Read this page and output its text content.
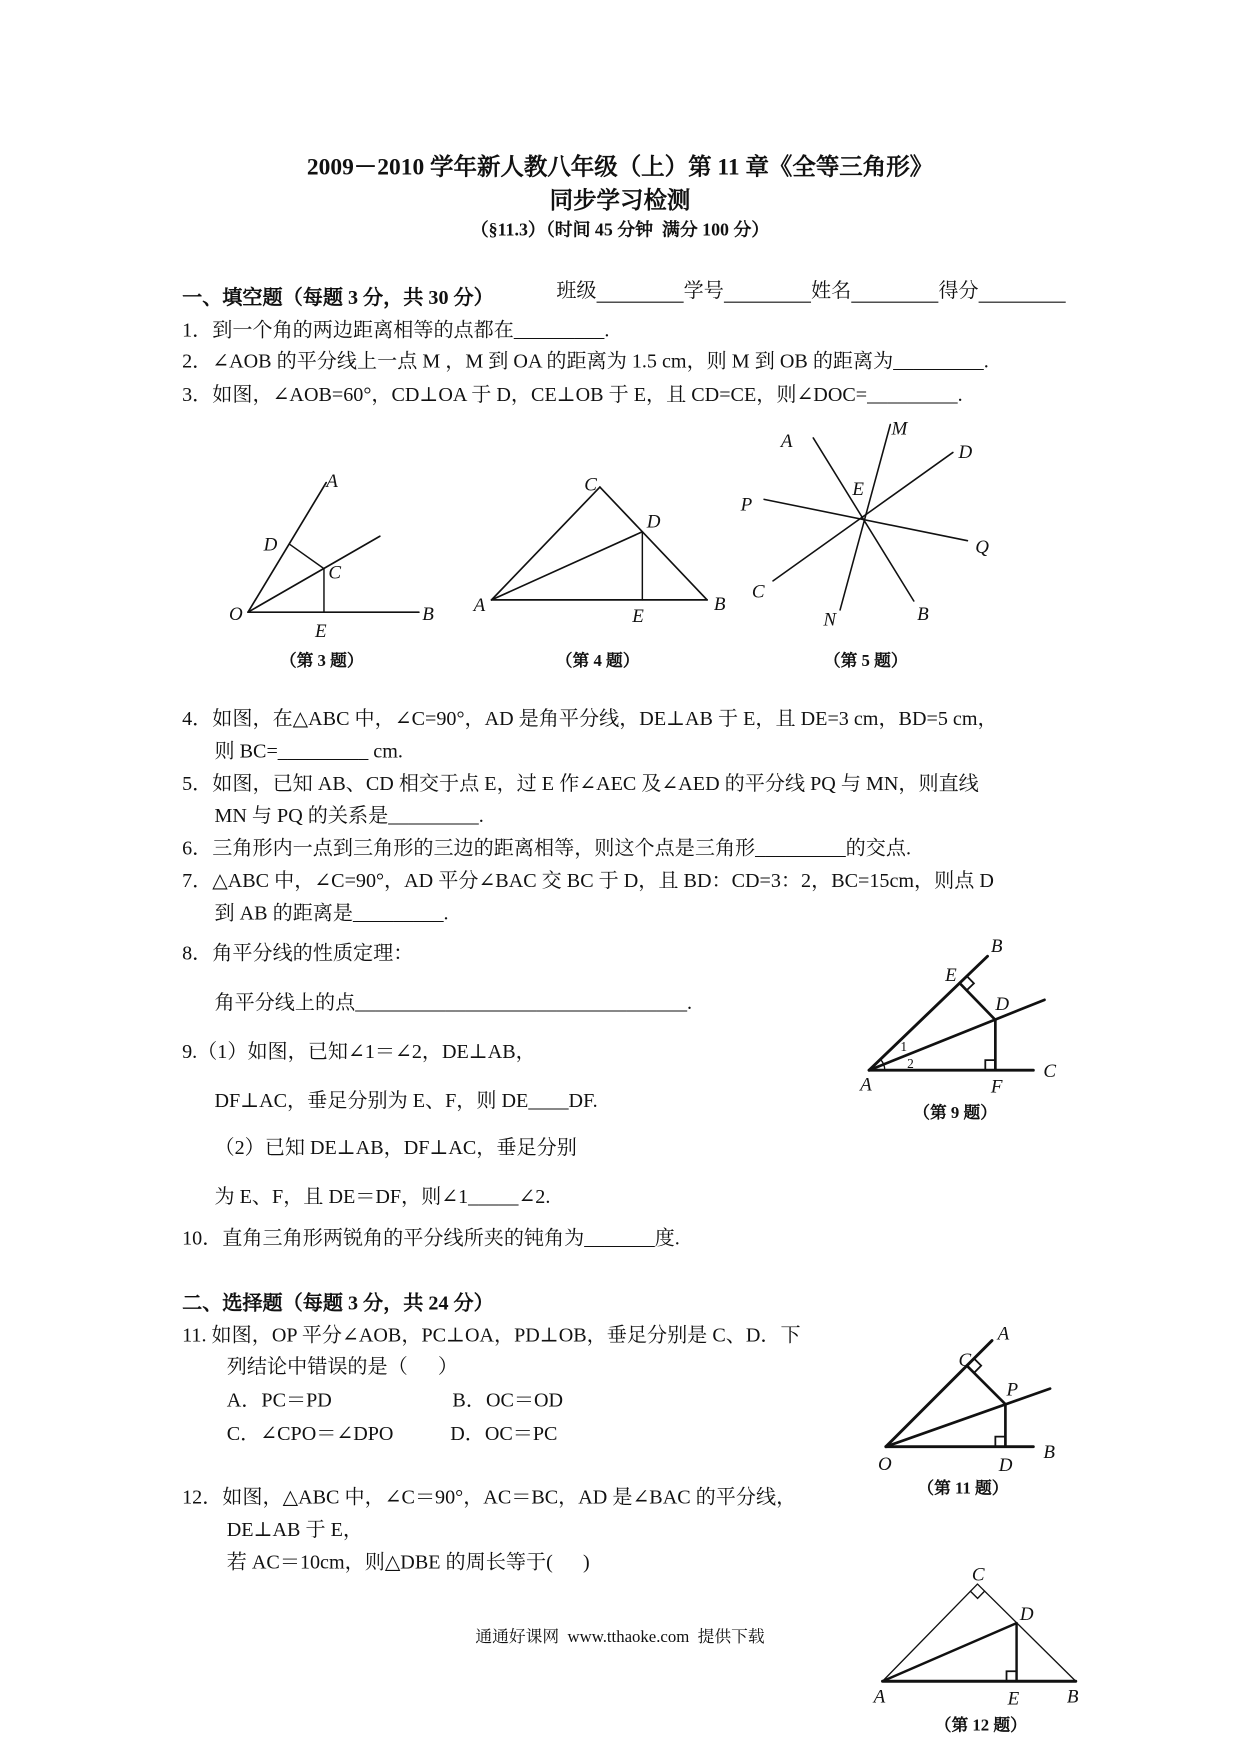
2009－2010 学年新人教八年级（上）第 11 章《全等三角形》
同步学习检测
（§11.3）（时间 45 分钟  满分 100 分）

班级	学号	姓名	得分

一、填空题（每题 3 分，共 30 分）
1．到一个角的两边距离相等的点都在_________.
2．∠AOB 的平分线上一点 M ，M 到 OA 的距离为 1.5 cm，则 M 到 OB 的距离为_________.
3．如图，∠AOB=60°，CD⊥OA 于 D，CE⊥OB 于 E，且 CD=CE，则∠DOC=_________.
A
D
C
O
E
B
（第 3 题）
C
D
A
E
B
（第 4 题）
A
M
D
E
P
Q
C
N	B
（第 5 题）
4．如图，在△ABC 中，∠C=90°，AD 是角平分线，DE⊥AB 于 E，且 DE=3 cm，BD=5 cm，
则 BC=_________ cm.
5．如图，已知 AB、CD 相交于点 E，过 E 作∠AEC 及∠AED 的平分线 PQ 与 MN，则直线
MN 与 PQ 的关系是_________.
6．三角形内一点到三角形的三边的距离相等，则这个点是三角形_________的交点.
7．△ABC 中，∠C=90°，AD 平分∠BAC 交 BC 于 D，且 BD：CD=3：2，BC=15cm，则点 D
到 AB 的距离是_________.
8．角平分线的性质定理：
角平分线上的点_________________________________.
9.（1）如图，已知∠1＝∠2，DE⊥AB，
DF⊥AC，垂足分别为 E、F，则 DE____DF.
（2）已知 DE⊥AB，DF⊥AC，垂足分别
为 E、F，且 DE＝DF，则∠1_____∠2.
B
E
D
1
2
A	F
C
（第 9 题）
10．直角三角形两锐角的平分线所夹的钝角为_______度.
二、选择题（每题 3 分，共 24 分）
11. 如图，OP 平分∠AOB，PC⊥OA，PD⊥OB，垂足分别是 C、D．下
列结论中错误的是（      ）
A．PC＝PD	B．OC＝OD
C．∠CPO＝∠DPO	D．OC＝PC
A
C
P
O	D
B
（第 11 题）
12．如图，△ABC 中，∠C＝90°，AC＝BC，AD 是∠BAC 的平分线，
DE⊥AB 于 E，
若 AC＝10cm，则△DBE 的周长等于(      )
C
D
A	E	B
（第 12 题）
通通好课网  www.tthaoke.com  提供下载
